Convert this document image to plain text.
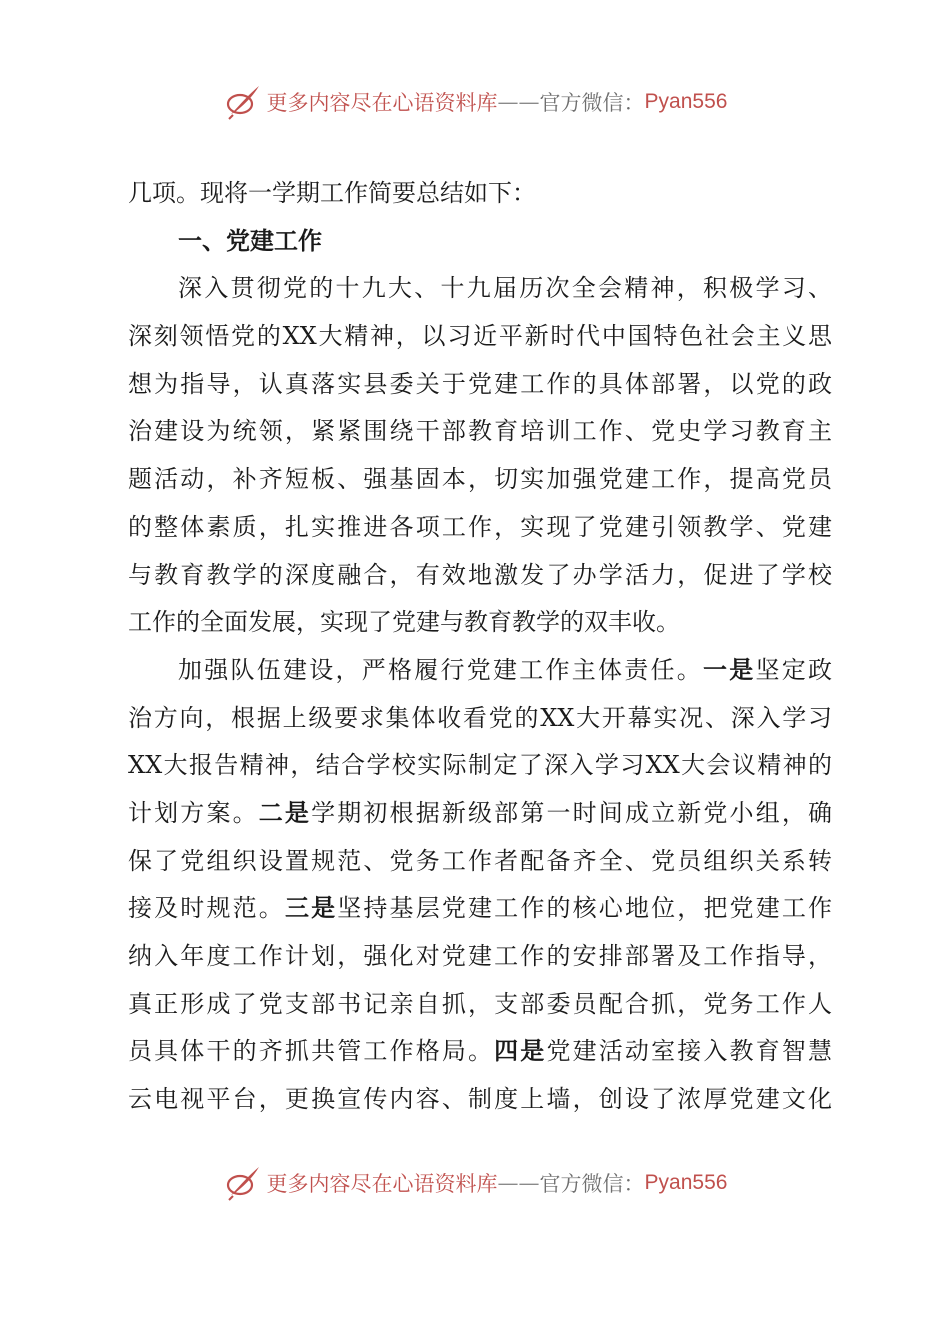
更多内容尽在心语资料库 —— 官方微信： Pyan556
几项。现将一学期工作简要总结如下：
一、党建工作
深入贯彻党的十九大、十九届历次全会精神，积极学习、
深刻领悟党的XX大精神，以习近平新时代中国特色社会主义思
想为指导，认真落实县委关于党建工作的具体部署，以党的政
治建设为统领，紧紧围绕干部教育培训工作、党史学习教育主
题活动，补齐短板、强基固本，切实加强党建工作，提高党员
的整体素质，扎实推进各项工作，实现了党建引领教学、党建
与教育教学的深度融合，有效地激发了办学活力，促进了学校
工作的全面发展，实现了党建与教育教学的双丰收。
加强队伍建设，严格履行党建工作主体责任。一是坚定政
治方向，根据上级要求集体收看党的XX大开幕实况、深入学习
XX大报告精神，结合学校实际制定了深入学习XX大会议精神的
计划方案。二是学期初根据新级部第一时间成立新党小组，确
保了党组织设置规范、党务工作者配备齐全、党员组织关系转
接及时规范。三是坚持基层党建工作的核心地位，把党建工作
纳入年度工作计划，强化对党建工作的安排部署及工作指导，
真正形成了党支部书记亲自抓，支部委员配合抓，党务工作人
员具体干的齐抓共管工作格局。四是党建活动室接入教育智慧
云电视平台，更换宣传内容、制度上墙，创设了浓厚党建文化
更多内容尽在心语资料库 —— 官方微信： Pyan556
